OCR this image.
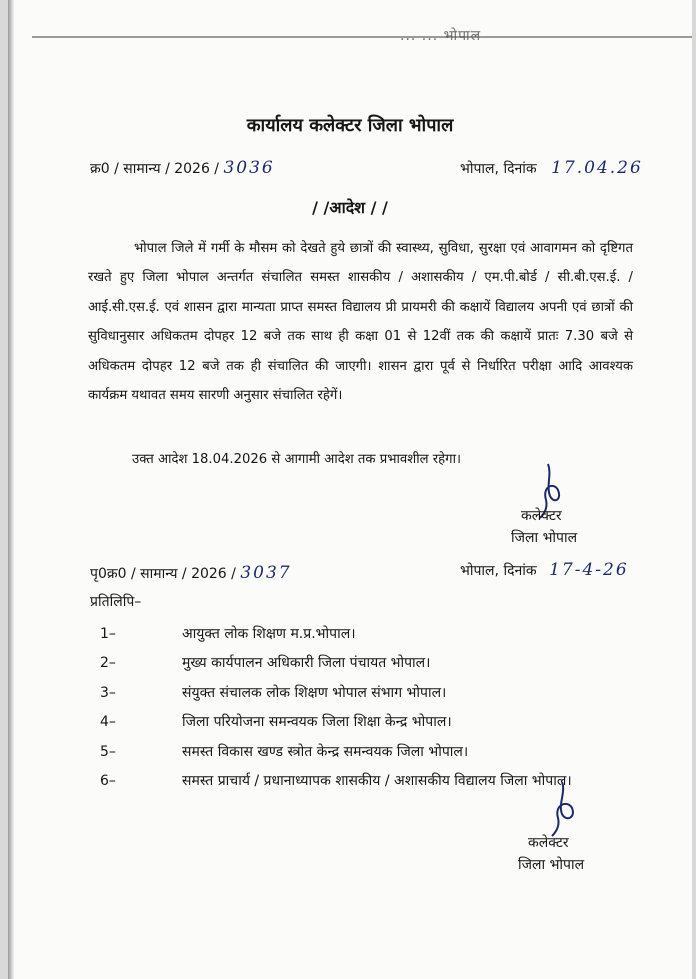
... ... भोपाल
कार्यालय कलेक्टर जिला भोपाल
क्र0 / सामान्य / 2026 / 3036	भोपाल, दिनांक 17.04.26
/ /आदेश / /
भोपाल जिले में गर्मी के मौसम को देखते हुये छात्रों की स्वास्थ्य, सुविधा, सुरक्षा एवं आवागमन को दृष्टिगत रखते हुए जिला भोपाल अन्तर्गत संचालित समस्त शासकीय / अशासकीय / एम.पी.बोर्ड / सी.बी.एस.ई. / आई.सी.एस.ई. एवं शासन द्वारा मान्यता प्राप्त समस्त विद्यालय प्री प्रायमरी की कक्षायें विद्यालय अपनी एवं छात्रों की सुविधानुसार अधिकतम दोपहर 12 बजे तक साथ ही कक्षा 01 से 12वीं तक की कक्षायें प्रातः 7.30 बजे से अधिकतम दोपहर 12 बजे तक ही संचालित की जाएगी। शासन द्वारा पूर्व से निर्धारित परीक्षा आदि आवश्यक कार्यक्रम यथावत समय सारणी अनुसार संचालित रहेगें।
उक्त आदेश 18.04.2026 से आगामी आदेश तक प्रभावशील रहेगा।
कलेक्टर
जिला भोपाल
पृ0क्र0 / सामान्य / 2026 / 3037	भोपाल, दिनांक 17-4-26
प्रतिलिपि–
1–	आयुक्त लोक शिक्षण म.प्र.भोपाल।
2–	मुख्य कार्यपालन अधिकारी जिला पंचायत भोपाल।
3–	संयुक्त संचालक लोक शिक्षण भोपाल संभाग भोपाल।
4–	जिला परियोजना समन्वयक जिला शिक्षा केन्द्र भोपाल।
5–	समस्त विकास खण्ड स्त्रोत केन्द्र समन्वयक जिला भोपाल।
6–	समस्त प्राचार्य / प्रधानाध्यापक शासकीय / अशासकीय विद्यालय जिला भोपाल।
कलेक्टर
जिला भोपाल
